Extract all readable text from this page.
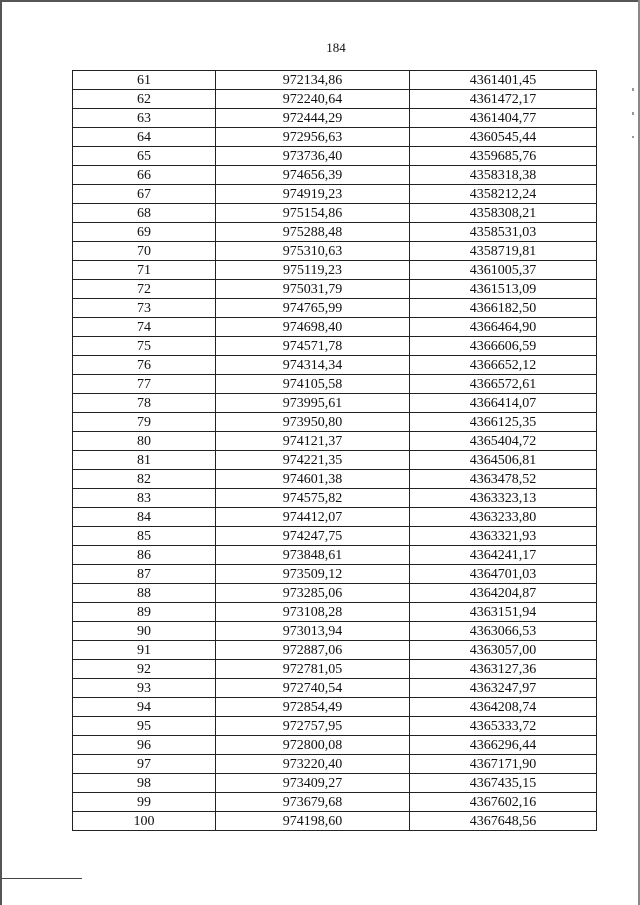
184
61	972134,86	4361401,45
62	972240,64	4361472,17
63	972444,29	4361404,77
64	972956,63	4360545,44
65	973736,40	4359685,76
66	974656,39	4358318,38
67	974919,23	4358212,24
68	975154,86	4358308,21
69	975288,48	4358531,03
70	975310,63	4358719,81
71	975119,23	4361005,37
72	975031,79	4361513,09
73	974765,99	4366182,50
74	974698,40	4366464,90
75	974571,78	4366606,59
76	974314,34	4366652,12
77	974105,58	4366572,61
78	973995,61	4366414,07
79	973950,80	4366125,35
80	974121,37	4365404,72
81	974221,35	4364506,81
82	974601,38	4363478,52
83	974575,82	4363323,13
84	974412,07	4363233,80
85	974247,75	4363321,93
86	973848,61	4364241,17
87	973509,12	4364701,03
88	973285,06	4364204,87
89	973108,28	4363151,94
90	973013,94	4363066,53
91	972887,06	4363057,00
92	972781,05	4363127,36
93	972740,54	4363247,97
94	972854,49	4364208,74
95	972757,95	4365333,72
96	972800,08	4366296,44
97	973220,40	4367171,90
98	973409,27	4367435,15
99	973679,68	4367602,16
100	974198,60	4367648,56
